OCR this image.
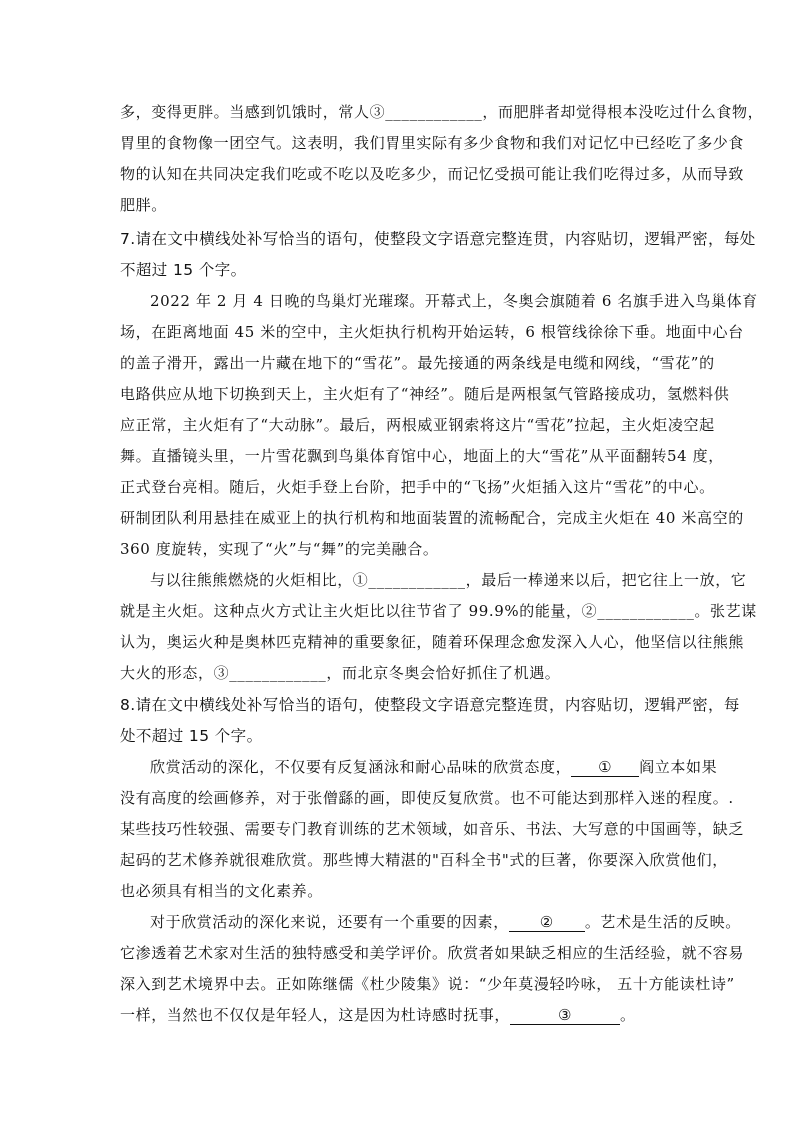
多，变得更胖。当感到饥饿时，常人③____________，而肥胖者却觉得根本没吃过什么食物，
胃里的食物像一团空气。这表明，我们胃里实际有多少食物和我们对记忆中已经吃了多少食
物的认知在共同决定我们吃或不吃以及吃多少，而记忆受损可能让我们吃得过多，从而导致
肥胖。
7.请在文中横线处补写恰当的语句，使整段文字语意完整连贯，内容贴切，逻辑严密，每处
不超过 15 个字。
2022 年 2 月 4 日晚的鸟巢灯光璀璨。开幕式上，冬奥会旗随着 6 名旗手进入鸟巢体育
场，在距离地面 45 米的空中，主火炬执行机构开始运转，6 根管线徐徐下垂。地面中心台
的盖子滑开，露出一片藏在地下的“雪花”。最先接通的两条线是电缆和网线，“雪花”的
电路供应从地下切换到天上，主火炬有了“神经”。随后是两根氢气管路接成功，氢燃料供
应正常，主火炬有了“大动脉”。最后，两根威亚钢索将这片“雪花”拉起，主火炬凌空起
舞。直播镜头里，一片雪花飘到鸟巢体育馆中心，地面上的大“雪花”从平面翻转54 度，
正式登台亮相。随后，火炬手登上台阶，把手中的“飞扬”火炬插入这片“雪花”的中心。
研制团队利用悬挂在威亚上的执行机构和地面装置的流畅配合，完成主火炬在 40 米高空的
360 度旋转，实现了“火”与“舞”的完美融合。
与以往熊熊燃烧的火炬相比，①____________，最后一棒递来以后，把它往上一放，它
就是主火炬。这种点火方式让主火炬比以往节省了 99.9%的能量，②____________。张艺谋
认为，奥运火种是奥林匹克精神的重要象征，随着环保理念愈发深入人心，他坚信以往熊熊
大火的形态，③____________，而北京冬奥会恰好抓住了机遇。
8.请在文中横线处补写恰当的语句，使整段文字语意完整连贯，内容贴切，逻辑严密，每
处不超过 15 个字。
欣赏活动的深化，不仅要有反复涵泳和耐心品味的欣赏态度， ① 阎立本如果
没有高度的绘画修养，对于张僧繇的画，即使反复欣赏。也不可能达到那样入迷的程度。.
某些技巧性较强、需要专门教育训练的艺术领域，如音乐、书法、大写意的中国画等，缺乏
起码的艺术修养就很难欣赏。那些博大精湛的"百科全书"式的巨著，你要深入欣赏他们，
也必须具有相当的文化素养。
对于欣赏活动的深化来说，还要有一个重要的因素， ② 。艺术是生活的反映。
它渗透着艺术家对生活的独特感受和美学评价。欣赏者如果缺乏相应的生活经验，就不容易
深入到艺术境界中去。正如陈继儒《杜少陵集》说：“少年莫漫轻吟咏， 五十方能读杜诗”
一样，当然也不仅仅是年轻人，这是因为杜诗感时抚事，	③	。
